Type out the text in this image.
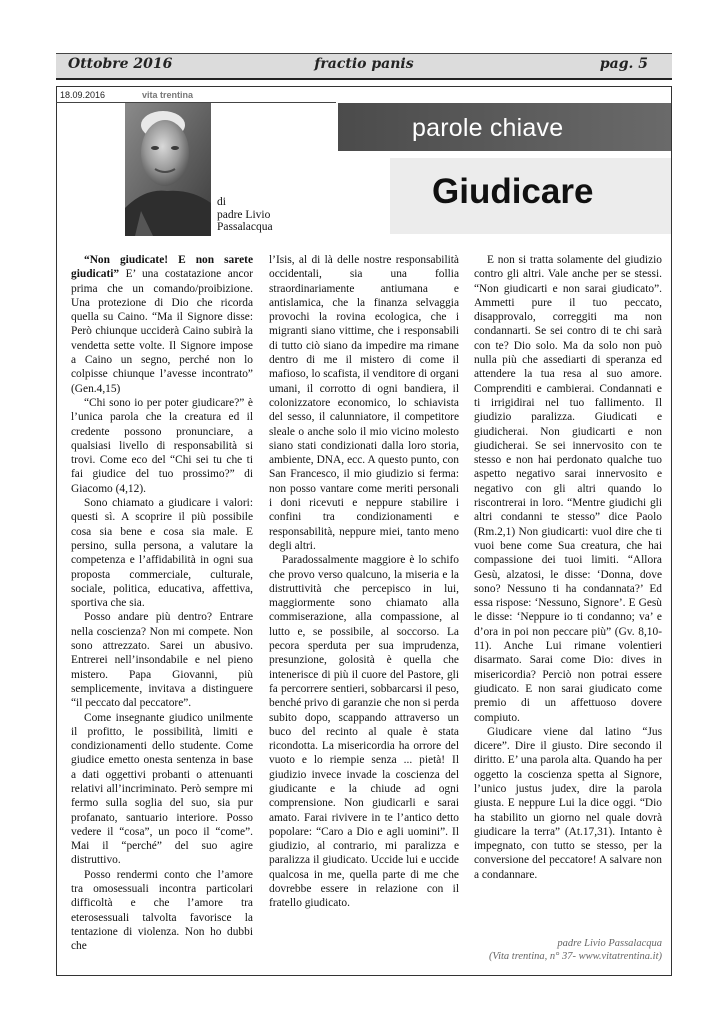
Ottobre 2016	fractio panis	pag. 5
18.09.2016	vita trentina
di
padre Livio
Passalacqua
parole chiave
Giudicare

“Non giudicate! E non sarete giudicati” E’ una costatazione ancor prima che un comando/proibizione. Una protezione di Dio che ricorda quella su Caino. “Ma il Signore disse: Però chiunque ucciderà Caino subirà la vendetta sette volte. Il Signore impose a Caino un segno, perché non lo colpisse chiunque l’avesse incontrato” (Gen.4,15)

“Chi sono io per poter giudicare?” è l’unica parola che la creatura ed il credente possono pronunciare, a qualsiasi livello di responsabilità si trovi. Come eco del “Chi sei tu che ti fai giudice del tuo prossimo?” di Giacomo (4,12).

Sono chiamato a giudicare i valori: questi sì. A scoprire il più possibile cosa sia bene e cosa sia male. E persino, sulla persona, a valutare la competenza e l’affidabilità in ogni sua proposta commerciale, culturale, sociale, politica, educativa, affettiva, sportiva che sia.

Posso andare più dentro? Entrare nella coscienza? Non mi compete. Non sono attrezzato. Sarei un abusivo. Entrerei nell’insondabile e nel pieno mistero. Papa Giovanni, più semplicemente, invitava a distinguere “il peccato dal peccatore”.

Come insegnante giudico unilmente il profitto, le possibilità, limiti e condizionamenti dello studente. Come giudice emetto onesta sentenza in base a dati oggettivi probanti o attenuanti relativi all’incriminato. Però sempre mi fermo sulla soglia del suo, sia pur profanato, santuario interiore. Posso vedere il “cosa”, un poco il “come”. Mai il “perché” del suo agire distruttivo.

Posso rendermi conto che l’amore tra omosessuali incontra particolari difficoltà e che l’amore tra eterosessuali talvolta favorisce la tentazione di violenza. Non ho dubbi che

l’Isis, al di là delle nostre responsabilità occidentali, sia una follia straordinariamente antiumana e antislamica, che la finanza selvaggia provochi la rovina ecologica, che i migranti siano vittime, che i responsabili di tutto ciò siano da impedire ma rimane dentro di me il mistero di come il mafioso, lo scafista, il venditore di organi umani, il corrotto di ogni bandiera, il colonizzatore economico, lo schiavista del sesso, il calunniatore, il competitore sleale o anche solo il mio vicino molesto siano stati condizionati dalla loro storia, ambiente, DNA, ecc. A questo punto, con San Francesco, il mio giudizio si ferma: non posso vantare come meriti personali i doni ricevuti e neppure stabilire i confini tra condizionamenti e responsabilità, neppure miei, tanto meno degli altri.

Paradossalmente maggiore è lo schifo che provo verso qualcuno, la miseria e la distruttività che percepisco in lui, maggiormente sono chiamato alla commiserazione, alla compassione, al lutto e, se possibile, al soccorso. La pecora sperduta per sua imprudenza, presunzione, golosità è quella che intenerisce di più il cuore del Pastore, gli fa percorrere sentieri, sobbarcarsi il peso, benché privo di garanzie che non si perda subito dopo, scappando attraverso un buco del recinto al quale è stata ricondotta. La misericordia ha orrore del vuoto e lo riempie senza ... pietà! Il giudizio invece invade la coscienza del giudicante e la chiude ad ogni comprensione. Non giudicarli e sarai amato. Farai rivivere in te l’antico detto popolare: “Caro a Dio e agli uomini”. Il giudizio, al contrario, mi paralizza e paralizza il giudicato. Uccide lui e uccide qualcosa in me, quella parte di me che dovrebbe essere in relazione con il fratello giudicato.

E non si tratta solamente del giudizio contro gli altri. Vale anche per se stessi. “Non giudicarti e non sarai giudicato”. Ammetti pure il tuo peccato, disapprovalo, correggiti ma non condannarti. Se sei contro di te chi sarà con te? Dio solo. Ma da solo non può nulla più che assediarti di speranza ed attendere la tua resa al suo amore. Comprenditi e cambierai. Condannati e ti irrigidirai nel tuo fallimento. Il giudizio paralizza. Giudicati e giudicherai. Non giudicarti e non giudicherai. Se sei innervosito con te stesso e non hai perdonato qualche tuo aspetto negativo sarai innervosito e negativo con gli altri quando lo riscontrerai in loro. “Mentre giudichi gli altri condanni te stesso” dice Paolo (Rm.2,1) Non giudicarti: vuol dire che ti vuoi bene come Sua creatura, che hai compassione dei tuoi limiti. “Allora Gesù, alzatosi, le disse: ‘Donna, dove sono? Nessuno ti ha condannata?’ Ed essa rispose: ‘Nessuno, Signore’. E Gesù le disse: ‘Neppure io ti condanno; va’ e d’ora in poi non peccare più” (Gv. 8,10-11). Anche Lui rimane volentieri disarmato. Sarai come Dio: dives in misericordia? Perciò non potrai essere giudicato. E non sarai giudicato come premio di un affettuoso dovere compiuto.

Giudicare viene dal latino “Jus dicere”. Dire il giusto. Dire secondo il diritto. E’ una parola alta. Quando ha per oggetto la coscienza spetta al Signore, l’unico justus judex, dire la parola giusta. E neppure Lui la dice oggi. “Dio ha stabilito un giorno nel quale dovrà giudicare la terra” (At.17,31). Intanto è impegnato, con tutto se stesso, per la conversione del peccatore! A salvare non a condannare.

padre Livio Passalacqua
(Vita trentina, n° 37- www.vitatrentina.it)
